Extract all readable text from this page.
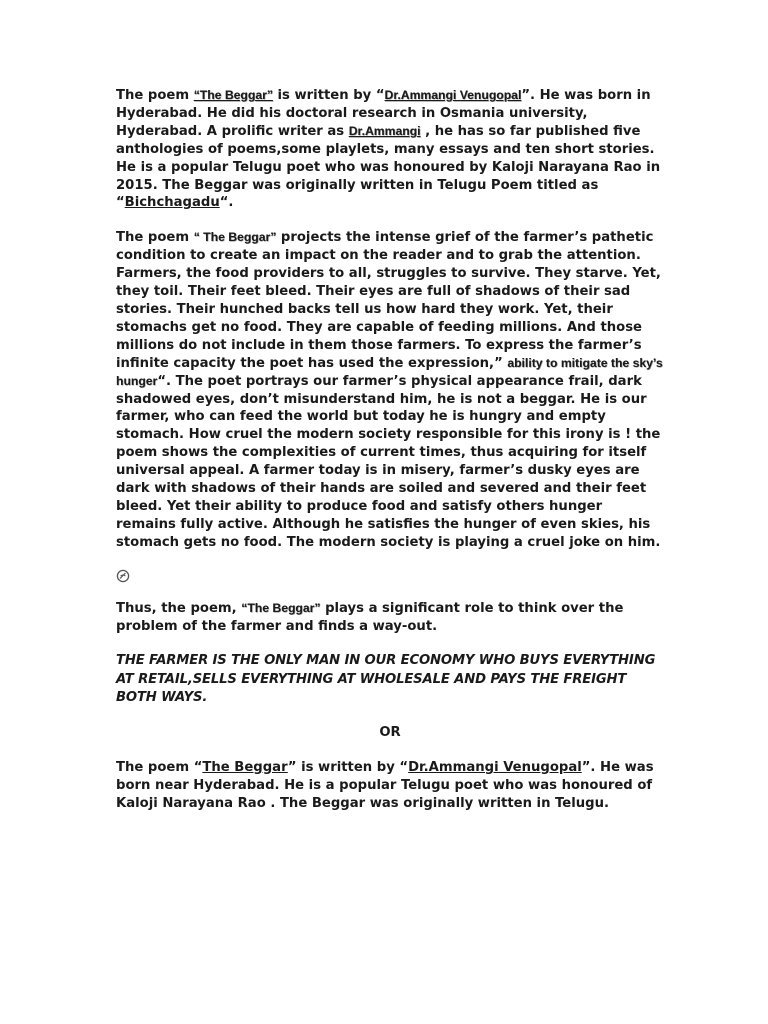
The poem “The Beggar” is written by “Dr.Ammangi Venugopal”. He was born in Hyderabad. He did his doctoral research in Osmania university, Hyderabad. A prolific writer as Dr.Ammangi , he has so far published five anthologies of poems,some playlets, many essays and ten short stories. He is a popular Telugu poet who was honoured by Kaloji Narayana Rao in 2015. The Beggar was originally written in Telugu Poem titled as “Bichchagadu“.

The poem “ The Beggar” projects the intense grief of the farmer’s pathetic condition to create an impact on the reader and to grab the attention. Farmers, the food providers to all, struggles to survive. They starve. Yet, they toil. Their feet bleed. Their eyes are full of shadows of their sad stories. Their hunched backs tell us how hard they work. Yet, their stomachs get no food. They are capable of feeding millions. And those millions do not include in them those farmers. To express the farmer’s infinite capacity the poet has used the expression,” ability to mitigate the sky’s hunger“. The poet portrays our farmer’s physical appearance frail, dark shadowed eyes, don’t misunderstand him, he is not a beggar. He is our farmer, who can feed the world but today he is hungry and empty stomach. How cruel the modern society responsible for this irony is ! the poem shows the complexities of current times, thus acquiring for itself universal appeal. A farmer today is in misery, farmer’s dusky eyes are dark with shadows of their hands are soiled and severed and their feet bleed. Yet their ability to produce food and satisfy others hunger remains fully active. Although he satisfies the hunger of even skies, his stomach gets no food. The modern society is playing a cruel joke on him.

Thus, the poem, “The Beggar” plays a significant role to think over the problem of the farmer and finds a way-out.

THE FARMER IS THE ONLY MAN IN OUR ECONOMY WHO BUYS EVERYTHING AT RETAIL,SELLS EVERYTHING AT WHOLESALE AND PAYS THE FREIGHT BOTH WAYS.

OR

The poem “The Beggar” is written by “Dr.Ammangi Venugopal”. He was born near Hyderabad. He is a popular Telugu poet who was honoured of Kaloji Narayana Rao . The Beggar was originally written in Telugu.
